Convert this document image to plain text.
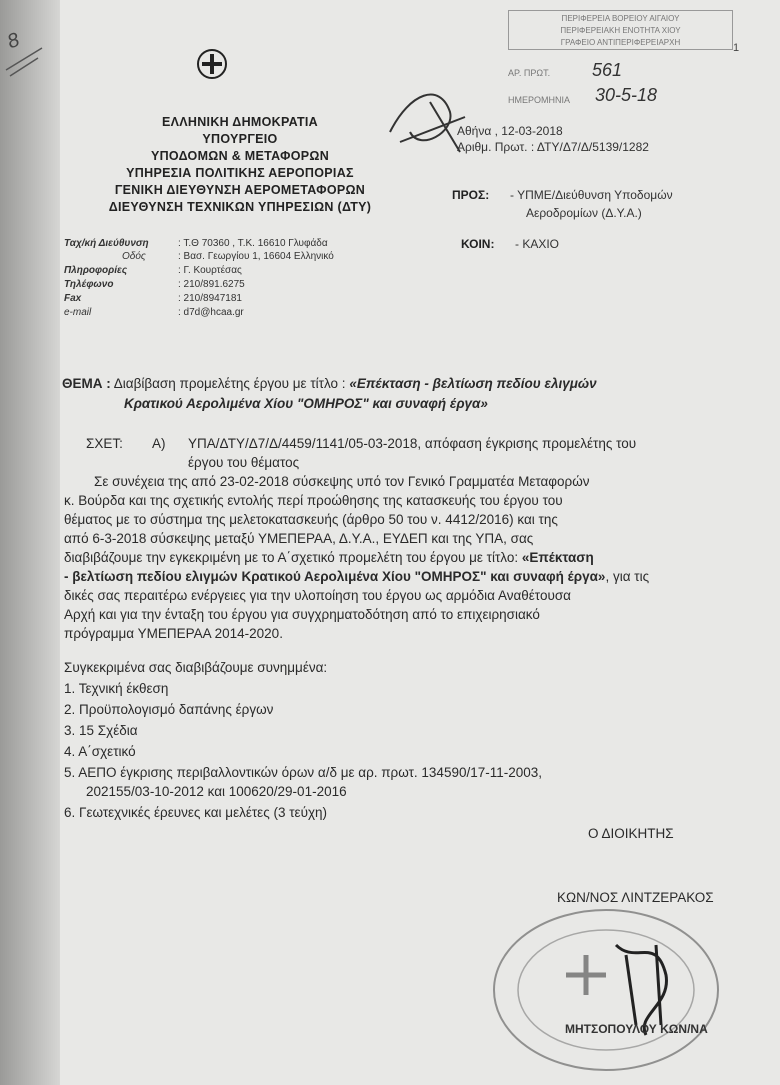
8
ΠΕΡΙΦΕΡΕΙΑ ΒΟΡΕΙΟΥ ΑΙΓΑΙΟΥ
ΠΕΡΙΦΕΡΕΙΑΚΗ ΕΝΟΤΗΤΑ ΧΙΟΥ
ΓΡΑΦΕΙΟ ΑΝΤΙΠΕΡΙΦΕΡΕΙΑΡΧΗ
ΑΡ. ΠΡΩΤ. 561
ΗΜΕΡΟΜΗΝΙΑ 30-5-18
1
ΕΛΛΗΝΙΚΗ ΔΗΜΟΚΡΑΤΙΑ
ΥΠΟΥΡΓΕΙΟ
ΥΠΟΔΟΜΩΝ & ΜΕΤΑΦΟΡΩΝ
ΥΠΗΡΕΣΙΑ ΠΟΛΙΤΙΚΗΣ ΑΕΡΟΠΟΡΙΑΣ
ΓΕΝΙΚΗ ΔΙΕΥΘΥΝΣΗ ΑΕΡΟΜΕΤΑΦΟΡΩΝ
ΔΙΕΥΘΥΝΣΗ ΤΕΧΝΙΚΩΝ ΥΠΗΡΕΣΙΩΝ (ΔΤΥ)
Αθήνα , 12-03-2018
Αριθμ. Πρωτ. : ΔΤΥ/Δ7/Δ/5139/1282
ΠΡΟΣ: - ΥΠΜΕ/Διεύθυνση Υποδομών
Αεροδρομίων (Δ.Υ.Α.)
ΚΟΙΝ: - ΚΑΧΙΟ
Ταχ/κή Διεύθυνση	: Τ.Θ 70360 , Τ.Κ. 16610 Γλυφάδα
Οδός	: Βασ. Γεωργίου 1, 16604 Ελληνικό
Πληροφορίες	: Γ. Κουρτέσας
Τηλέφωνο	: 210/891.6275
Fax	: 210/8947181
e-mail	: d7d@hcaa.gr
ΘΕΜΑ : Διαβίβαση προμελέτης έργου με τίτλο : «Επέκταση - βελτίωση πεδίου ελιγμών
Κρατικού Αερολιμένα Χίου "ΟΜΗΡΟΣ" και συναφή έργα»
ΣΧΕΤ: Α) ΥΠΑ/ΔΤΥ/Δ7/Δ/4459/1141/05-03-2018, απόφαση έγκρισης προμελέτης του
έργου του θέματος
Σε συνέχεια της από 23-02-2018 σύσκεψης υπό τον Γενικό Γραμματέα Μεταφορών
κ. Βούρδα και της σχετικής εντολής περί προώθησης της κατασκευής του έργου του
θέματος με το σύστημα της μελετοκατασκευής (άρθρο 50 του ν. 4412/2016) και της
από 6-3-2018 σύσκεψης μεταξύ ΥΜΕΠΕΡΑΑ, Δ.Υ.Α., ΕΥΔΕΠ και της ΥΠΑ, σας
διαβιβάζουμε την εγκεκριμένη με το Α΄σχετικό προμελέτη του έργου με τίτλο: «Επέκταση
- βελτίωση πεδίου ελιγμών Κρατικού Αερολιμένα Χίου "ΟΜΗΡΟΣ" και συναφή έργα», για τις
δικές σας περαιτέρω ενέργειες για την υλοποίηση του έργου ως αρμόδια Αναθέτουσα
Αρχή και για την ένταξη του έργου για συγχρηματοδότηση από το επιχειρησιακό
πρόγραμμα ΥΜΕΠΕΡΑΑ 2014-2020.
Συγκεκριμένα σας διαβιβάζουμε συνημμένα:
1. Τεχνική έκθεση
2. Προϋπολογισμό δαπάνης έργων
3. 15 Σχέδια
4. Α΄σχετικό
5. ΑΕΠΟ έγκρισης περιβαλλοντικών όρων α/δ με αρ. πρωτ. 134590/17-11-2003,
202155/03-10-2012 και 100620/29-01-2016
6. Γεωτεχνικές έρευνες και μελέτες (3 τεύχη)
Ο ΔΙΟΙΚΗΤΗΣ
ΚΩΝ/ΝΟΣ ΛΙΝΤΖΕΡΑΚΟΣ
ΜΗΤΣΟΠΟΥΛΟΥ ΚΩΝ/ΝΑ
